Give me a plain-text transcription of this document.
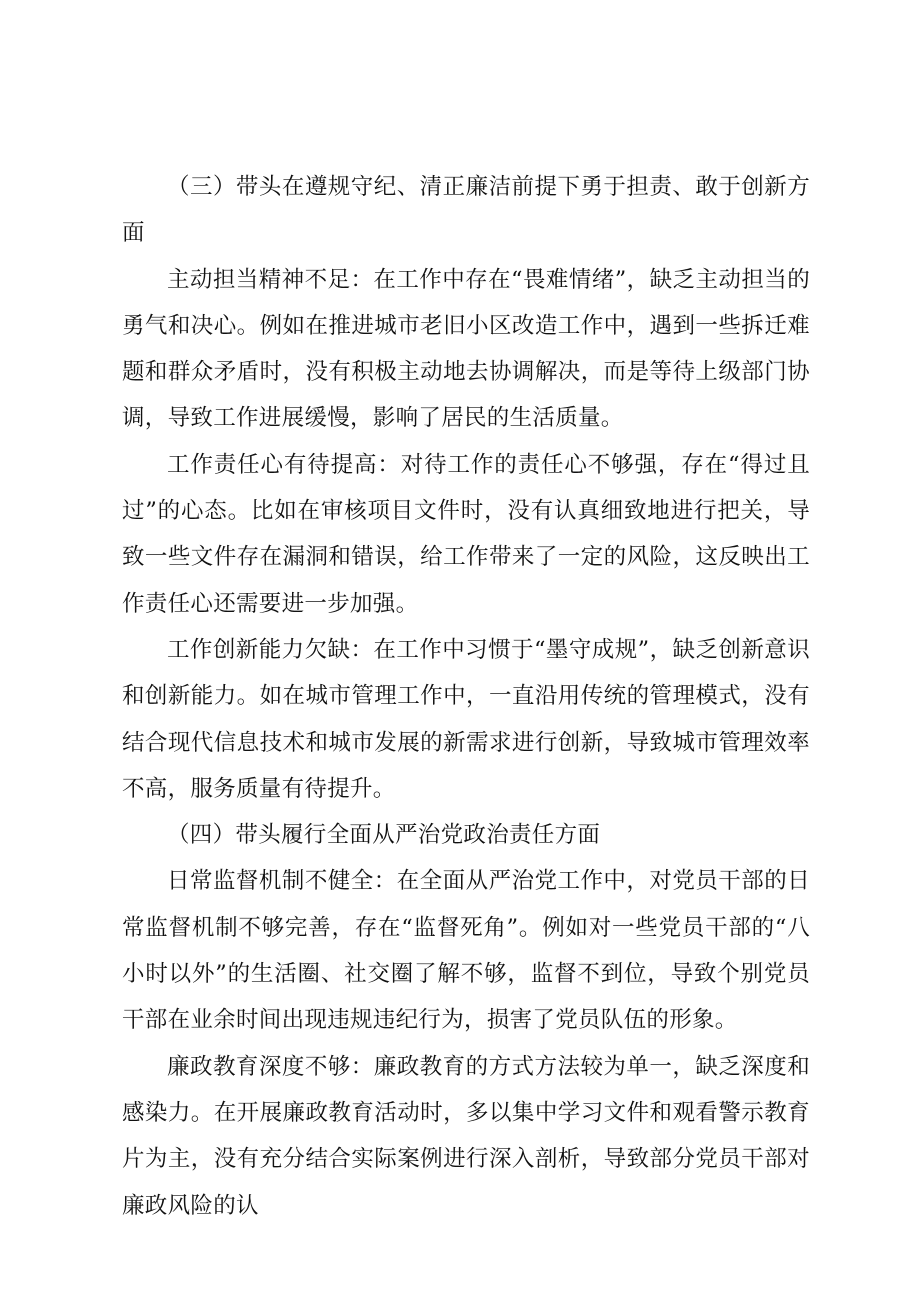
（三）带头在遵规守纪、清正廉洁前提下勇于担责、敢于创新方面

主动担当精神不足：在工作中存在“畏难情绪”，缺乏主动担当的勇气和决心。例如在推进城市老旧小区改造工作中，遇到一些拆迁难题和群众矛盾时，没有积极主动地去协调解决，而是等待上级部门协调，导致工作进展缓慢，影响了居民的生活质量。

工作责任心有待提高：对待工作的责任心不够强，存在“得过且过”的心态。比如在审核项目文件时，没有认真细致地进行把关，导致一些文件存在漏洞和错误，给工作带来了一定的风险，这反映出工作责任心还需要进一步加强。

工作创新能力欠缺：在工作中习惯于“墨守成规”，缺乏创新意识和创新能力。如在城市管理工作中，一直沿用传统的管理模式，没有结合现代信息技术和城市发展的新需求进行创新，导致城市管理效率不高，服务质量有待提升。

（四）带头履行全面从严治党政治责任方面

日常监督机制不健全：在全面从严治党工作中，对党员干部的日常监督机制不够完善，存在“监督死角”。例如对一些党员干部的“八小时以外”的生活圈、社交圈了解不够，监督不到位，导致个别党员干部在业余时间出现违规违纪行为，损害了党员队伍的形象。

廉政教育深度不够：廉政教育的方式方法较为单一，缺乏深度和感染力。在开展廉政教育活动时，多以集中学习文件和观看警示教育片为主，没有充分结合实际案例进行深入剖析，导致部分党员干部对廉政风险的认
